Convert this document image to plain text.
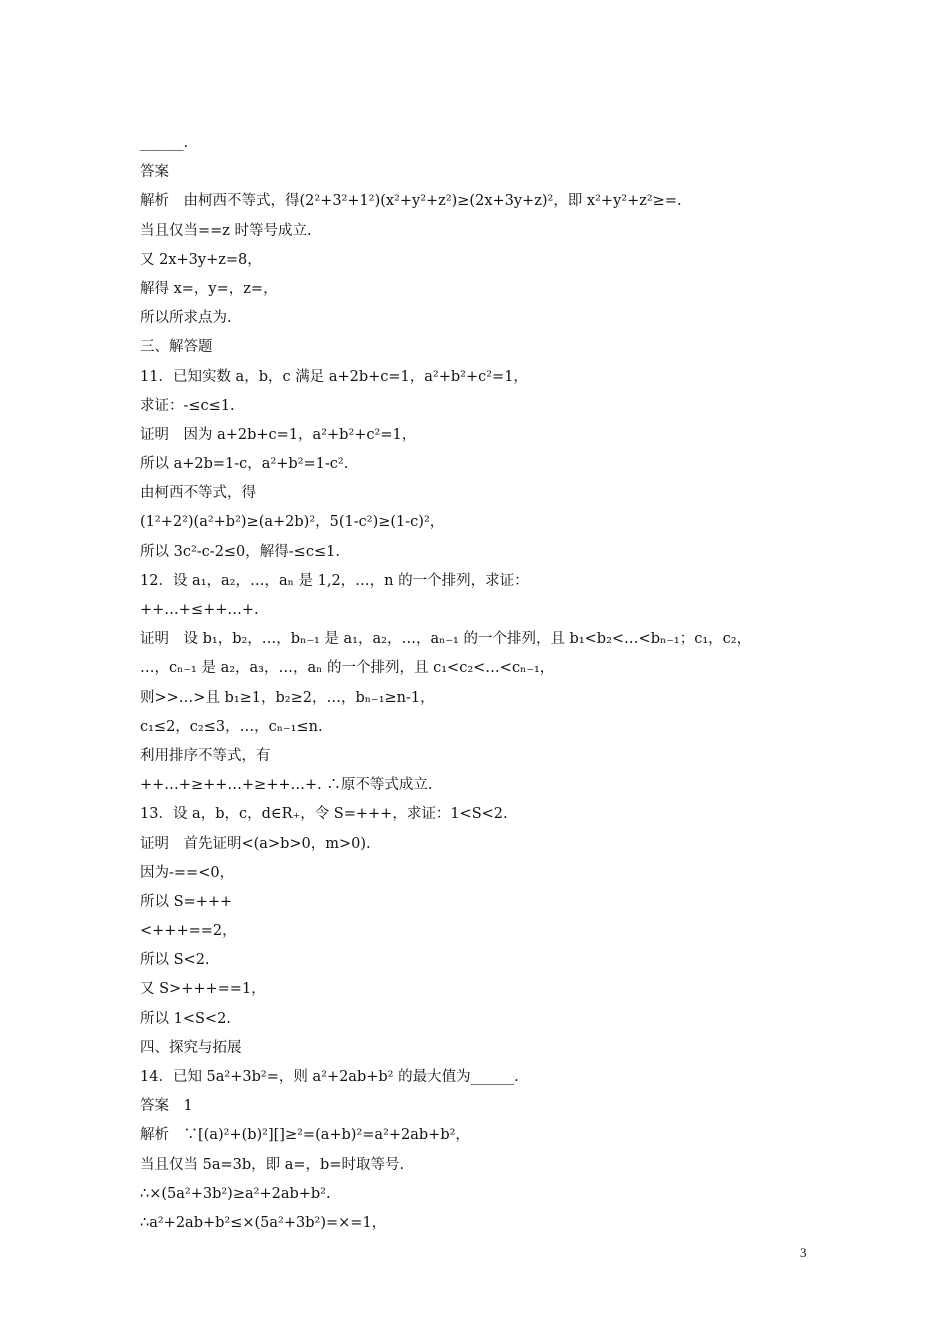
______.
答案
解析　由柯西不等式，得(2²+3²+1²)(x²+y²+z²)≥(2x+3y+z)²，即 x²+y²+z²≥=.
当且仅当==z 时等号成立.
又 2x+3y+z=8，
解得 x=，y=，z=，
所以所求点为.
三、解答题
11．已知实数 a，b，c 满足 a+2b+c=1，a²+b²+c²=1，
求证：-≤c≤1.
证明　因为 a+2b+c=1，a²+b²+c²=1，
所以 a+2b=1-c，a²+b²=1-c².
由柯西不等式，得
(1²+2²)(a²+b²)≥(a+2b)²，5(1-c²)≥(1-c)²，
所以 3c²-c-2≤0，解得-≤c≤1.
12．设 a₁，a₂，…，aₙ 是 1,2，…，n 的一个排列，求证：
++…+≤++…+.
证明　设 b₁，b₂，…，bₙ₋₁ 是 a₁，a₂，…，aₙ₋₁ 的一个排列，且 b₁<b₂<…<bₙ₋₁；c₁，c₂，
…，cₙ₋₁ 是 a₂，a₃，…，aₙ 的一个排列，且 c₁<c₂<…<cₙ₋₁，
则>>…>且 b₁≥1，b₂≥2，…，bₙ₋₁≥n-1，
c₁≤2，c₂≤3，…，cₙ₋₁≤n.
利用排序不等式，有
++…+≥++…+≥++…+. ∴原不等式成立.
13．设 a，b，c，d∈R₊，令 S=+++，求证：1<S<2.
证明　首先证明<(a>b>0，m>0).
因为-==<0，
所以 S=+++
<+++==2，
所以 S<2.
又 S>+++==1，
所以 1<S<2.
四、探究与拓展
14．已知 5a²+3b²=，则 a²+2ab+b² 的最大值为______.
答案　1
解析　∵[(a)²+(b)²][]≥²=(a+b)²=a²+2ab+b²，
当且仅当 5a=3b，即 a=，b=时取等号.
∴×(5a²+3b²)≥a²+2ab+b².
∴a²+2ab+b²≤×(5a²+3b²)=×=1，
3
